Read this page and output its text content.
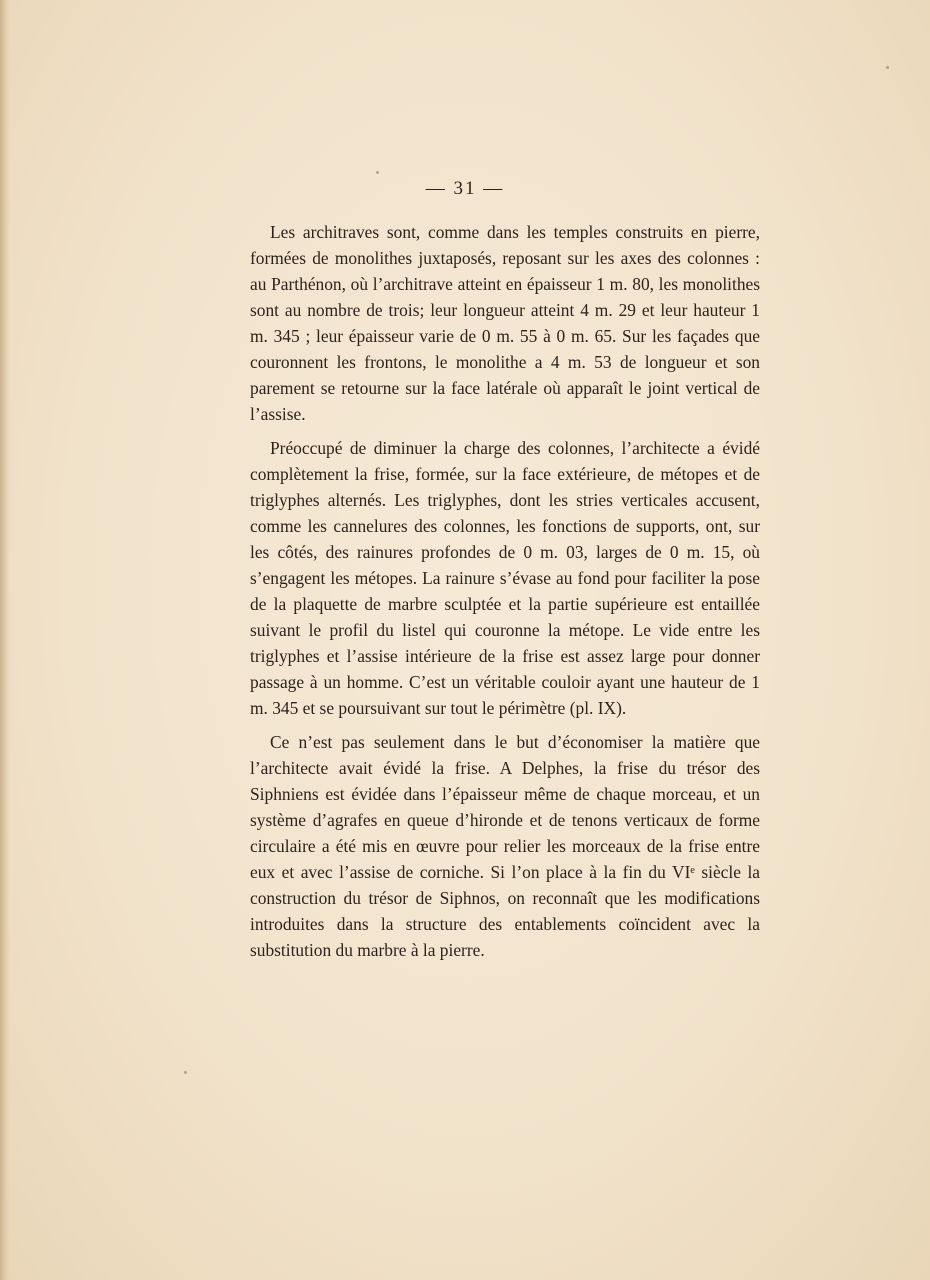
— 31 —

Les architraves sont, comme dans les temples construits en pierre, formées de monolithes juxtaposés, reposant sur les axes des colonnes : au Parthénon, où l’architrave atteint en épaisseur 1 m. 80, les monolithes sont au nombre de trois; leur longueur atteint 4 m. 29 et leur hauteur 1 m. 345 ; leur épaisseur varie de 0 m. 55 à 0 m. 65. Sur les façades que couronnent les frontons, le monolithe a 4 m. 53 de longueur et son parement se retourne sur la face latérale où apparaît le joint vertical de l’assise.

Préoccupé de diminuer la charge des colonnes, l’architecte a évidé complètement la frise, formée, sur la face extérieure, de métopes et de triglyphes alternés. Les triglyphes, dont les stries verticales accusent, comme les cannelures des colonnes, les fonctions de supports, ont, sur les côtés, des rainures profondes de 0 m. 03, larges de 0 m. 15, où s’engagent les métopes. La rainure s’évase au fond pour faciliter la pose de la plaquette de marbre sculptée et la partie supérieure est entaillée suivant le profil du listel qui couronne la métope. Le vide entre les triglyphes et l’assise intérieure de la frise est assez large pour donner passage à un homme. C’est un véritable couloir ayant une hauteur de 1 m. 345 et se poursuivant sur tout le périmètre (pl. IX).

Ce n’est pas seulement dans le but d’économiser la matière que l’architecte avait évidé la frise. A Delphes, la frise du trésor des Siphniens est évidée dans l’épaisseur même de chaque morceau, et un système d’agrafes en queue d’hironde et de tenons verticaux de forme circulaire a été mis en œuvre pour relier les morceaux de la frise entre eux et avec l’assise de corniche. Si l’on place à la fin du VIᵉ siècle la construction du trésor de Siphnos, on reconnaît que les modifications introduites dans la structure des entablements coïncident avec la substitution du marbre à la pierre.
